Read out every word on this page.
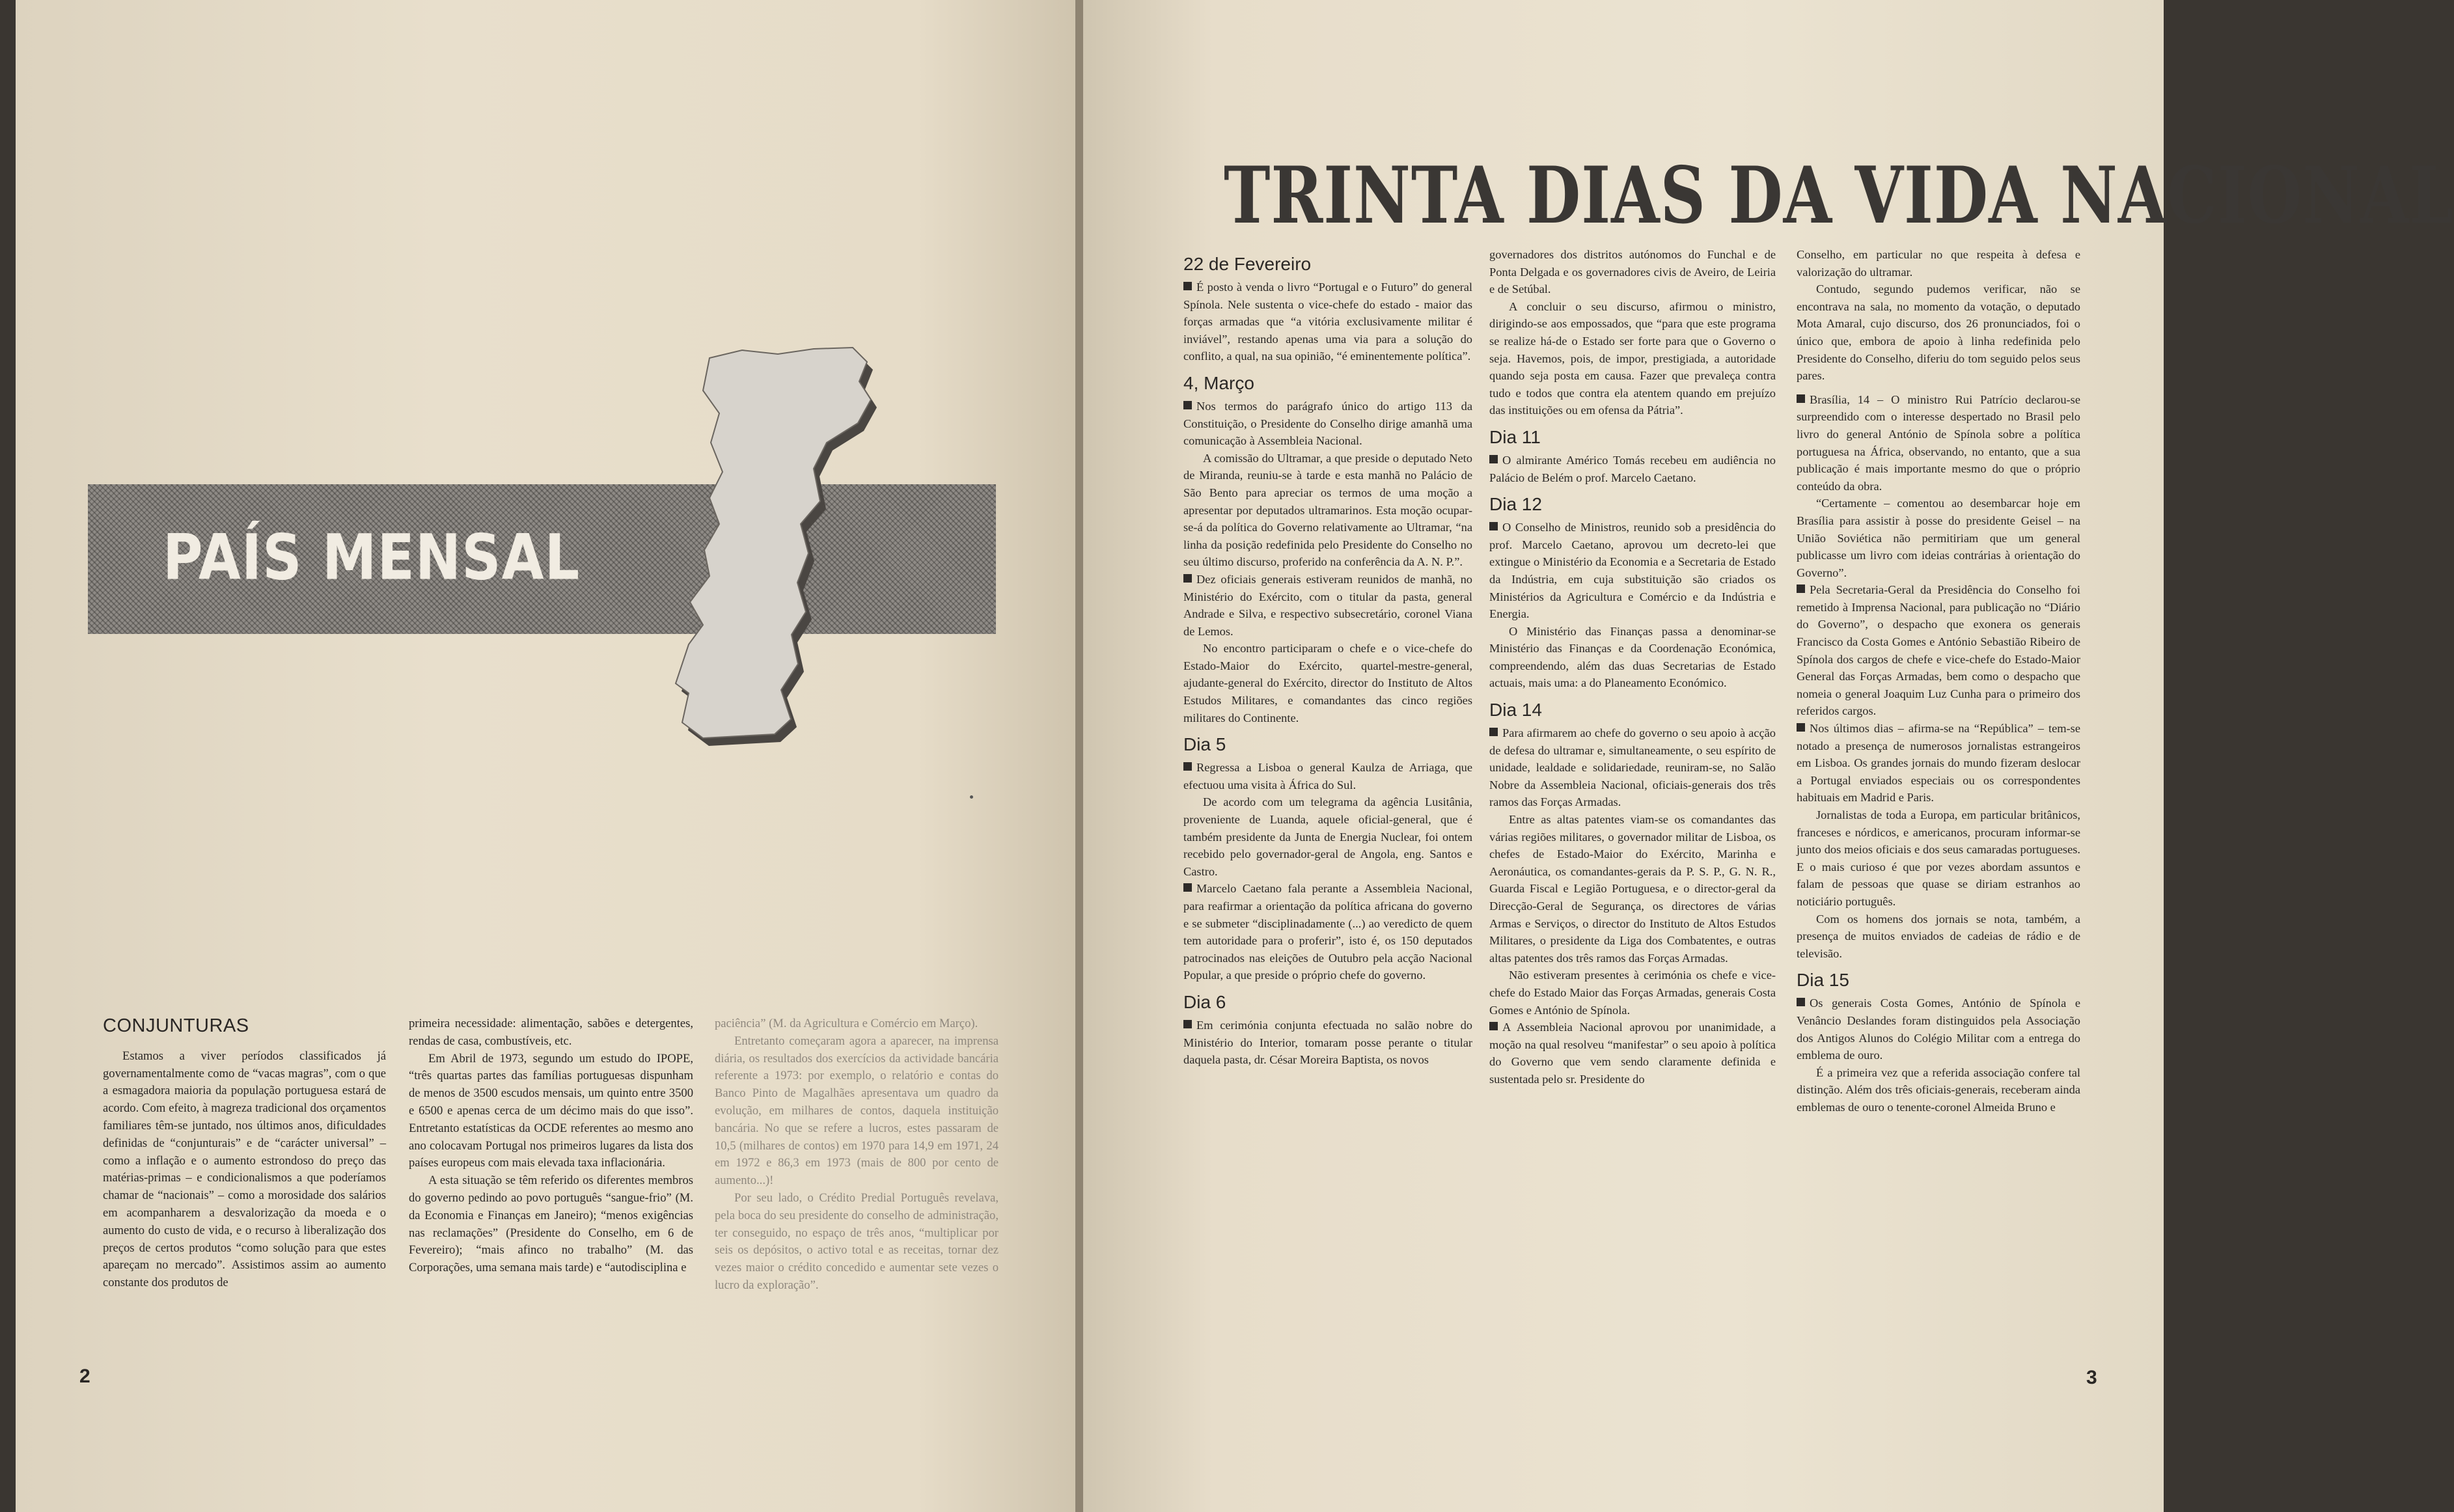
PAÍS MENSAL
CONJUNTURAS
Estamos a viver períodos classificados já governamentalmente como de “vacas magras”, com o que a esmagadora maioria da população portuguesa estará de acordo. Com efeito, à magreza tradicional dos orçamentos familiares têm-se juntado, nos últimos anos, dificuldades definidas de “conjunturais” e de “carácter universal” – como a inflação e o aumento estrondoso do preço das matérias-primas – e condicionalismos a que poderíamos chamar de “nacionais” – como a morosidade dos salários em acompanharem a desvalorização da moeda e o aumento do custo de vida, e o recurso à liberalização dos preços de certos produtos “como solução para que estes apareçam no mercado”. Assistimos assim ao aumento constante dos produtos de
primeira necessidade: alimentação, sabões e detergentes, rendas de casa, combustíveis, etc.
Em Abril de 1973, segundo um estudo do IPOPE, “três quartas partes das famílias portuguesas dispunham de menos de 3500 escudos mensais, um quinto entre 3500 e 6500 e apenas cerca de um décimo mais do que isso”. Entretanto estatísticas da OCDE referentes ao mesmo ano ano colocavam Portugal nos primeiros lugares da lista dos países europeus com mais elevada taxa inflacionária.
A esta situação se têm referido os diferentes membros do governo pedindo ao povo português “sangue-frio” (M. da Economia e Finanças em Janeiro); “menos exigências nas reclamações” (Presidente do Conselho, em 6 de Fevereiro); “mais afinco no trabalho” (M. das Corporações, uma semana mais tarde) e “autodisciplina e
paciência” (M. da Agricultura e Comércio em Março).
Entretanto começaram agora a aparecer, na imprensa diária, os resultados dos exercícios da actividade bancária referente a 1973: por exemplo, o relatório e contas do Banco Pinto de Magalhães apresentava um quadro da evolução, em milhares de contos, daquela instituição bancária. No que se refere a lucros, estes passaram de 10,5 (milhares de contos) em 1970 para 14,9 em 1971, 24 em 1972 e 86,3 em 1973 (mais de 800 por cento de aumento...)!
Por seu lado, o Crédito Predial Português revelava, pela boca do seu presidente do conselho de administração, ter conseguido, no espaço de três anos, “multiplicar por seis os depósitos, o activo total e as receitas, tornar dez vezes maior o crédito concedido e aumentar sete vezes o lucro da exploração”.
2
TRINTA DIAS DA VIDA NACIONAL
22 de Fevereiro

É posto à venda o livro “Portugal e o Futuro” do general Spínola. Nele sustenta o vice-chefe do estado - maior das forças armadas que “a vitória exclusivamente militar é inviável”, restando apenas uma via para a solução do conflito, a qual, na sua opinião, “é eminentemente política”.

4, Março

Nos termos do parágrafo único do artigo 113 da Constituição, o Presidente do Conselho dirige amanhã uma comunicação à Assembleia Nacional.

A comissão do Ultramar, a que preside o deputado Neto de Miranda, reuniu-se à tarde e esta manhã no Palácio de São Bento para apreciar os termos de uma moção a apresentar por deputados ultramarinos. Esta moção ocupar-se-á da política do Governo relativamente ao Ultramar, “na linha da posição redefinida pelo Presidente do Conselho no seu último discurso, proferido na conferência da A. N. P.”.

Dez oficiais generais estiveram reunidos de manhã, no Ministério do Exército, com o titular da pasta, general Andrade e Silva, e respectivo subsecretário, coronel Viana de Lemos.

No encontro participaram o chefe e o vice-chefe do Estado-Maior do Exército, quartel-mestre-general, ajudante-general do Exército, director do Instituto de Altos Estudos Militares, e comandantes das cinco regiões militares do Continente.

Dia 5

Regressa a Lisboa o general Kaulza de Arriaga, que efectuou uma visita à África do Sul.

De acordo com um telegrama da agência Lusitânia, proveniente de Luanda, aquele oficial-general, que é também presidente da Junta de Energia Nuclear, foi ontem recebido pelo governador-geral de Angola, eng. Santos e Castro.

Marcelo Caetano fala perante a Assembleia Nacional, para reafirmar a orientação da política africana do governo e se submeter “disciplinadamente (...) ao veredicto de quem tem autoridade para o proferir”, isto é, os 150 deputados patrocinados nas eleições de Outubro pela acção Nacional Popular, a que preside o próprio chefe do governo.

Dia 6

Em cerimónia conjunta efectuada no salão nobre do Ministério do Interior, tomaram posse perante o titular daquela pasta, dr. César Moreira Baptista, os novos

governadores dos distritos autónomos do Funchal e de Ponta Delgada e os governadores civis de Aveiro, de Leiria e de Setúbal.

A concluir o seu discurso, afirmou o ministro, dirigindo-se aos empossados, que “para que este programa se realize há-de o Estado ser forte para que o Governo o seja. Havemos, pois, de impor, prestigiada, a autoridade quando seja posta em causa. Fazer que prevaleça contra tudo e todos que contra ela atentem quando em prejuízo das instituições ou em ofensa da Pátria”.

Dia 11

O almirante Américo Tomás recebeu em audiência no Palácio de Belém o prof. Marcelo Caetano.

Dia 12

O Conselho de Ministros, reunido sob a presidência do prof. Marcelo Caetano, aprovou um decreto-lei que extingue o Ministério da Economia e a Secretaria de Estado da Indústria, em cuja substituição são criados os Ministérios da Agricultura e Comércio e da Indústria e Energia.

O Ministério das Finanças passa a denominar-se Ministério das Finanças e da Coordenação Económica, compreendendo, além das duas Secretarias de Estado actuais, mais uma: a do Planeamento Económico.

Dia 14

Para afirmarem ao chefe do governo o seu apoio à acção de defesa do ultramar e, simultaneamente, o seu espírito de unidade, lealdade e solidariedade, reuniram-se, no Salão Nobre da Assembleia Nacional, oficiais-generais dos três ramos das Forças Armadas.

Entre as altas patentes viam-se os comandantes das várias regiões militares, o governador militar de Lisboa, os chefes de Estado-Maior do Exército, Marinha e Aeronáutica, os comandantes-gerais da P. S. P., G. N. R., Guarda Fiscal e Legião Portuguesa, e o director-geral da Direcção-Geral de Segurança, os directores de várias Armas e Serviços, o director do Instituto de Altos Estudos Militares, o presidente da Liga dos Combatentes, e outras altas patentes dos três ramos das Forças Armadas.

Não estiveram presentes à cerimónia os chefe e vice-chefe do Estado Maior das Forças Armadas, generais Costa Gomes e António de Spínola.

A Assembleia Nacional aprovou por unanimidade, a moção na qual resolveu “manifestar” o seu apoio à política do Governo que vem sendo claramente definida e sustentada pelo sr. Presidente do

Conselho, em particular no que respeita à defesa e valorização do ultramar.

Contudo, segundo pudemos verificar, não se encontrava na sala, no momento da votação, o deputado Mota Amaral, cujo discurso, dos 26 pronunciados, foi o único que, embora de apoio à linha redefinida pelo Presidente do Conselho, diferiu do tom seguido pelos seus pares.

Brasília, 14 – O ministro Rui Patrício declarou-se surpreendido com o interesse despertado no Brasil pelo livro do general António de Spínola sobre a política portuguesa na África, observando, no entanto, que a sua publicação é mais importante mesmo do que o próprio conteúdo da obra.

“Certamente – comentou ao desembarcar hoje em Brasília para assistir à posse do presidente Geisel – na União Soviética não permitiriam que um general publicasse um livro com ideias contrárias à orientação do Governo”.

Pela Secretaria-Geral da Presidência do Conselho foi remetido à Imprensa Nacional, para publicação no “Diário do Governo”, o despacho que exonera os generais Francisco da Costa Gomes e António Sebastião Ribeiro de Spínola dos cargos de chefe e vice-chefe do Estado-Maior General das Forças Armadas, bem como o despacho que nomeia o general Joaquim Luz Cunha para o primeiro dos referidos cargos.

Nos últimos dias – afirma-se na “República” – tem-se notado a presença de numerosos jornalistas estrangeiros em Lisboa. Os grandes jornais do mundo fizeram deslocar a Portugal enviados especiais ou os correspondentes habituais em Madrid e Paris.

Jornalistas de toda a Europa, em particular britânicos, franceses e nórdicos, e americanos, procuram informar-se junto dos meios oficiais e dos seus camaradas portugueses. E o mais curioso é que por vezes abordam assuntos e falam de pessoas que quase se diriam estranhos ao noticiário português.

Com os homens dos jornais se nota, também, a presença de muitos enviados de cadeias de rádio e de televisão.

Dia 15

Os generais Costa Gomes, António de Spínola e Venâncio Deslandes foram distinguidos pela Associação dos Antigos Alunos do Colégio Militar com a entrega do emblema de ouro.

É a primeira vez que a referida associação confere tal distinção. Além dos três oficiais-generais, receberam ainda emblemas de ouro o tenente-coronel Almeida Bruno e

3
